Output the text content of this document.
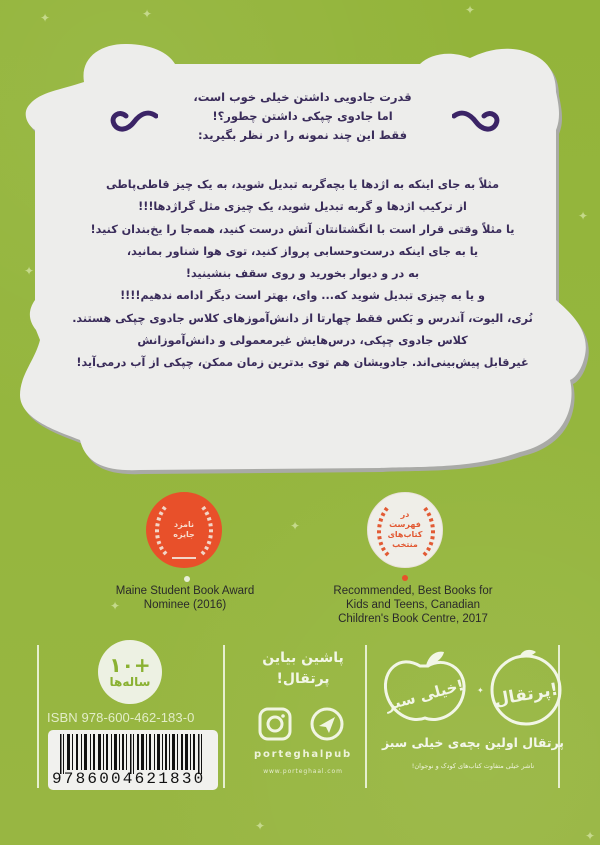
✦	✦	✦
✦
✦
✦
✦
✦
✦
قدرت جادویی داشتن خیلی خوب است،
اما جادوی چپکی داشتن چطور؟!
فقط این چند نمونه را در نظر بگیرید:
مثلاً به جای اینکه به اژدها یا بچه‌گربه تبدیل شوید، به یک چیز قاطی‌پاطی
از ترکیب اژدها و گربه تبدیل شوید، یک چیزی مثل گراژدها!!!
یا مثلاً وقتی قرار است با انگشتانتان آتش درست کنید، همه‌جا را یخ‌بندان کنید!
یا به جای اینکه درست‌وحسابی پرواز کنید، توی هوا شناور بمانید،
به در و دیوار بخورید و روی سقف بنشینید!
و یا به چیزی تبدیل شوید که... وای، بهتر است دیگر ادامه ندهیم!!!!
نُری، الیوت، آندرس و بَکس فقط چهارتا از دانش‌آموزهای کلاس جادوی چپکی هستند.
کلاس جادوی چپکی، درس‌هایش غیرمعمولی و دانش‌آموزانش
غیرقابل پیش‌بینی‌اند. جادویشان هم توی بدترین زمان ممکن، چپکی از آب درمی‌آید!
نامزد جایزه
Maine Student Book Award
Nominee (2016)
در فهرست کتاب‌های منتخب
Recommended, Best Books for
Kids and Teens, Canadian
Children's Book Centre, 2017
+۱۰
ساله‌ها
ISBN 978-600-462-183-0
9786004621830
پاشین بیاین
پرتقال!
porteghalpub
www.porteghaal.com
خیلی سبز! ✦ پرتقال!
پرتقال اولین بچه‌ی خیلی سبز
ناشر خیلی متفاوت کتاب‌های کودک و نوجوان!
